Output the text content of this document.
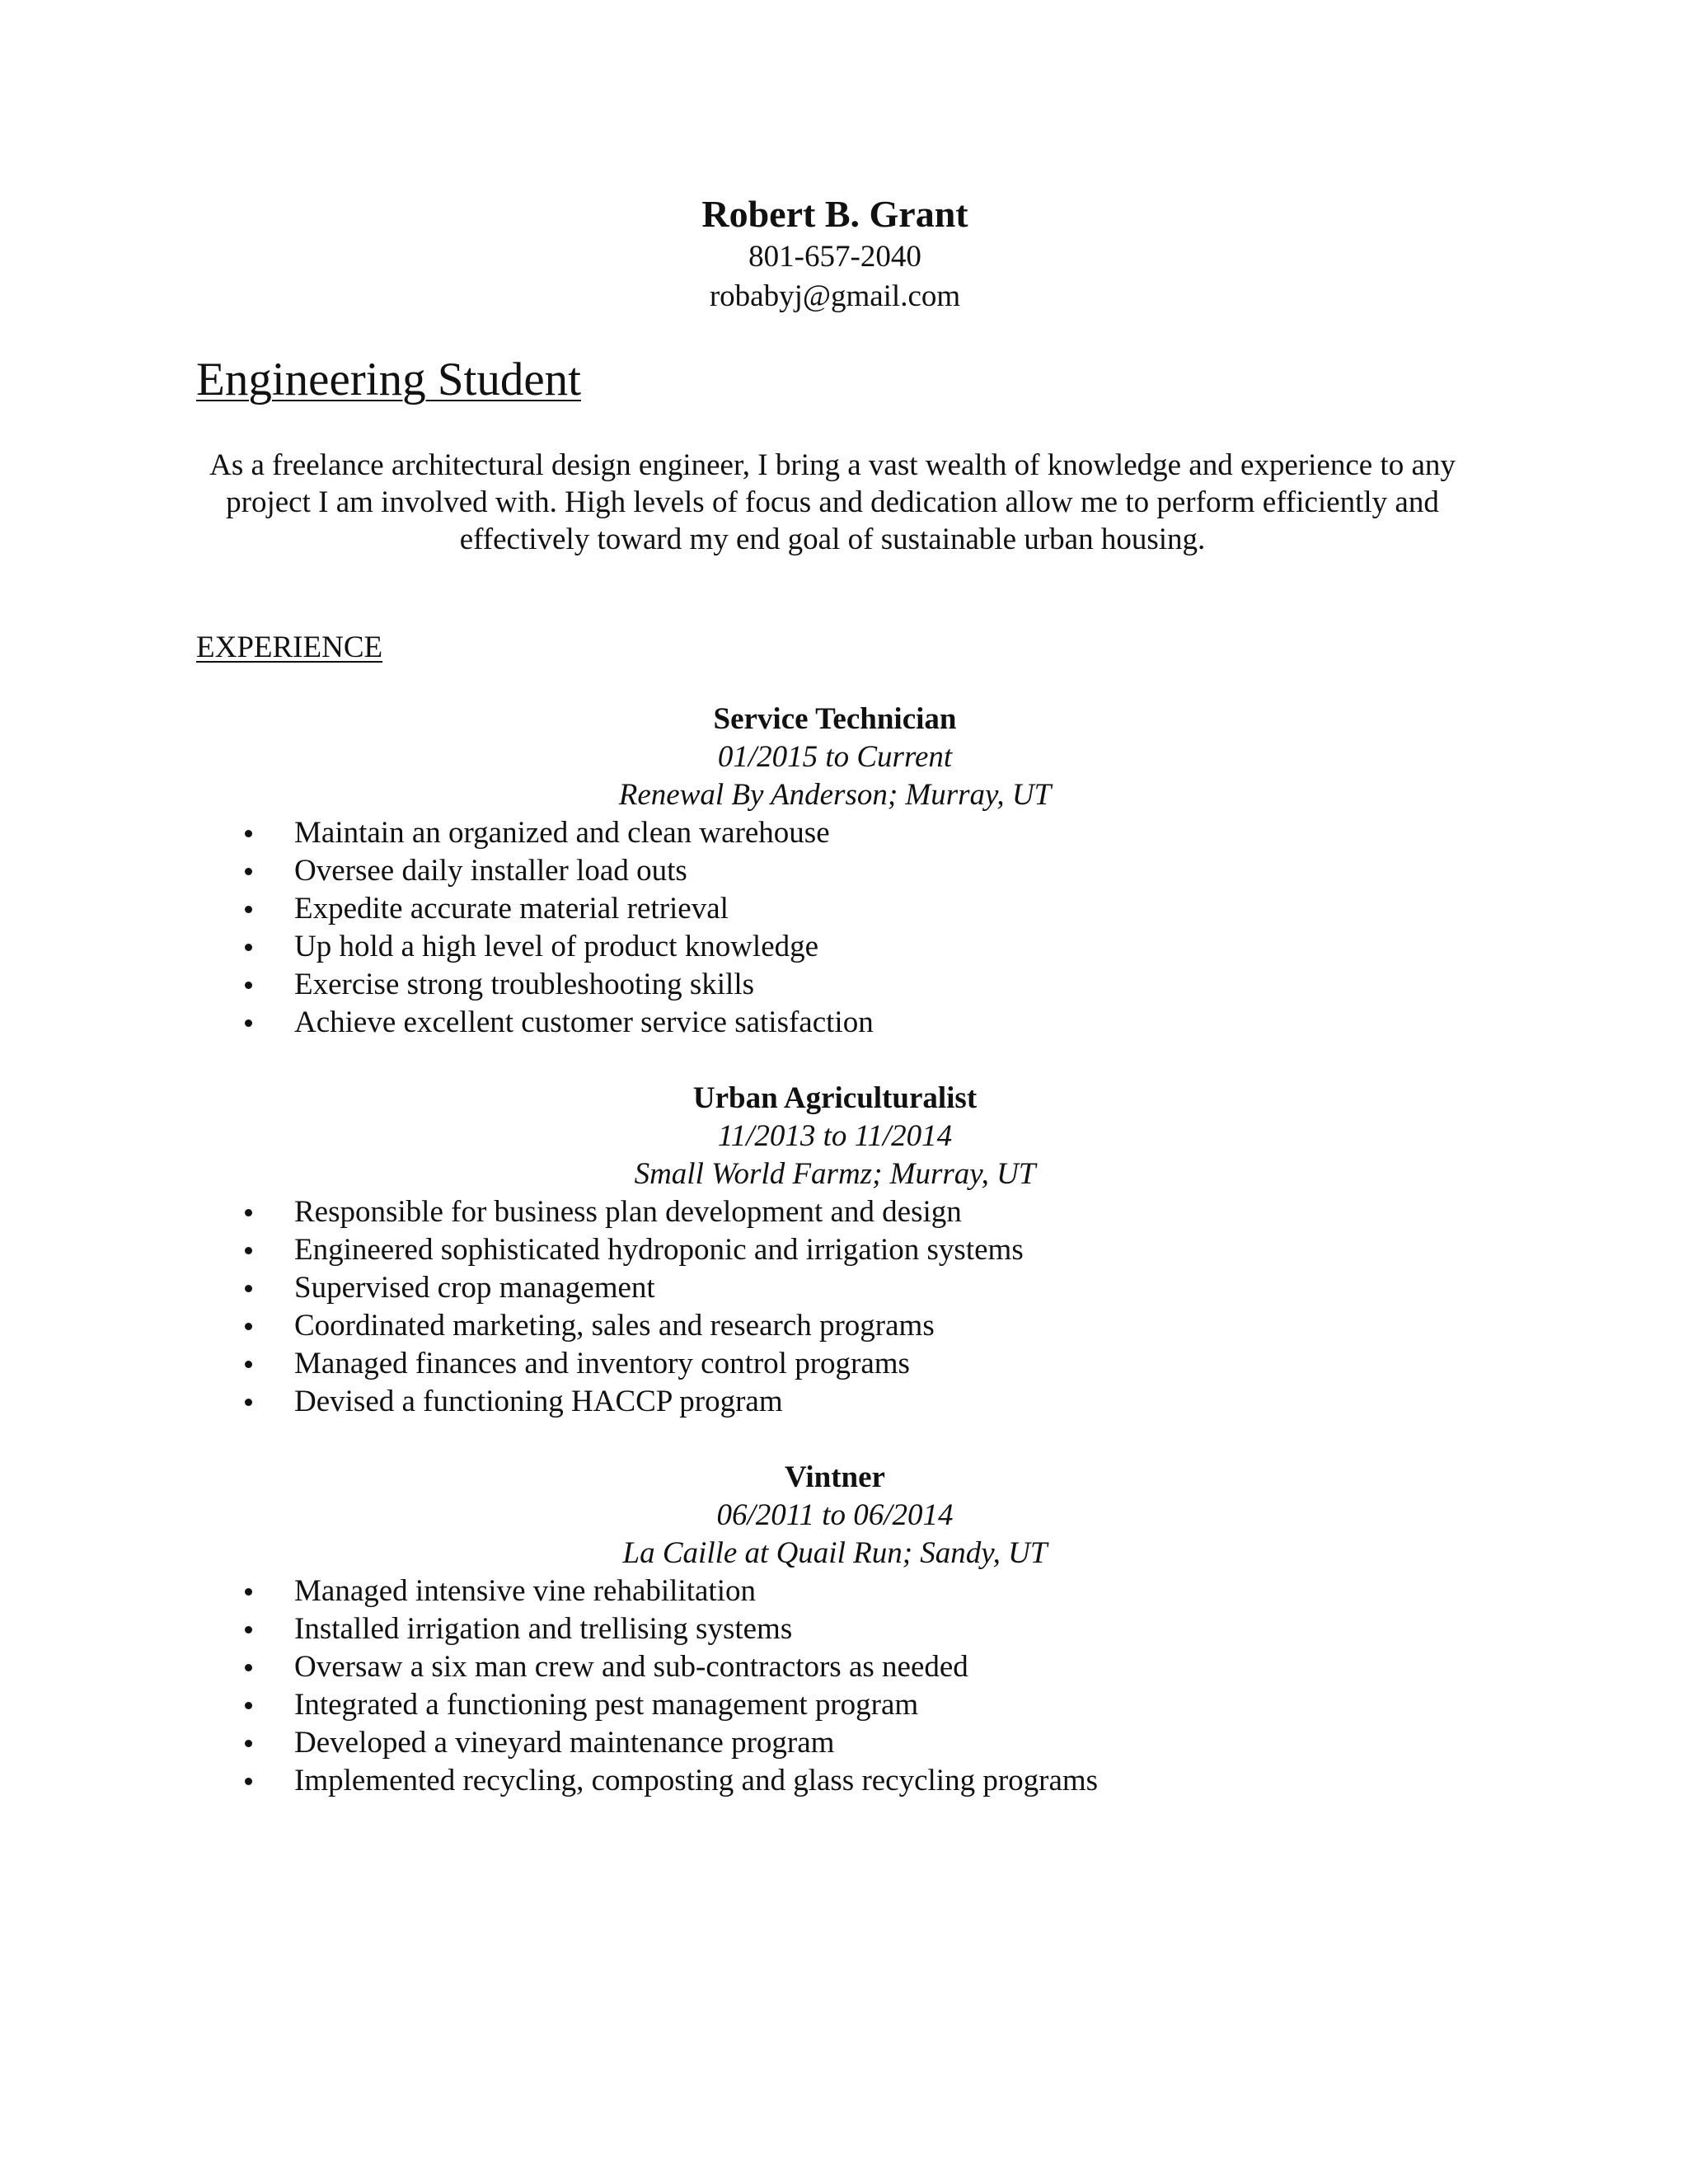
Robert B. Grant

801-657-2040

robabyj@gmail.com

Engineering Student

As a freelance architectural design engineer, I bring a vast wealth of knowledge and experience to any project I am involved with. High levels of focus and dedication allow me to perform efficiently and effectively toward my end goal of sustainable urban housing.

EXPERIENCE

Service Technician

01/2015 to Current

Renewal By Anderson; Murray, UT

Maintain an organized and clean warehouse
Oversee daily installer load outs
Expedite accurate material retrieval
Up hold a high level of product knowledge
Exercise strong troubleshooting skills
Achieve excellent customer service satisfaction

Urban Agriculturalist

11/2013 to 11/2014

Small World Farmz; Murray, UT

Responsible for business plan development and design
Engineered sophisticated hydroponic and irrigation systems
Supervised crop management
Coordinated marketing, sales and research programs
Managed finances and inventory control programs
Devised a functioning HACCP program

Vintner

06/2011 to 06/2014

La Caille at Quail Run; Sandy, UT

Managed intensive vine rehabilitation
Installed irrigation and trellising systems
Oversaw a six man crew and sub-contractors as needed
Integrated a functioning pest management program
Developed a vineyard maintenance program
Implemented recycling, composting and glass recycling programs
